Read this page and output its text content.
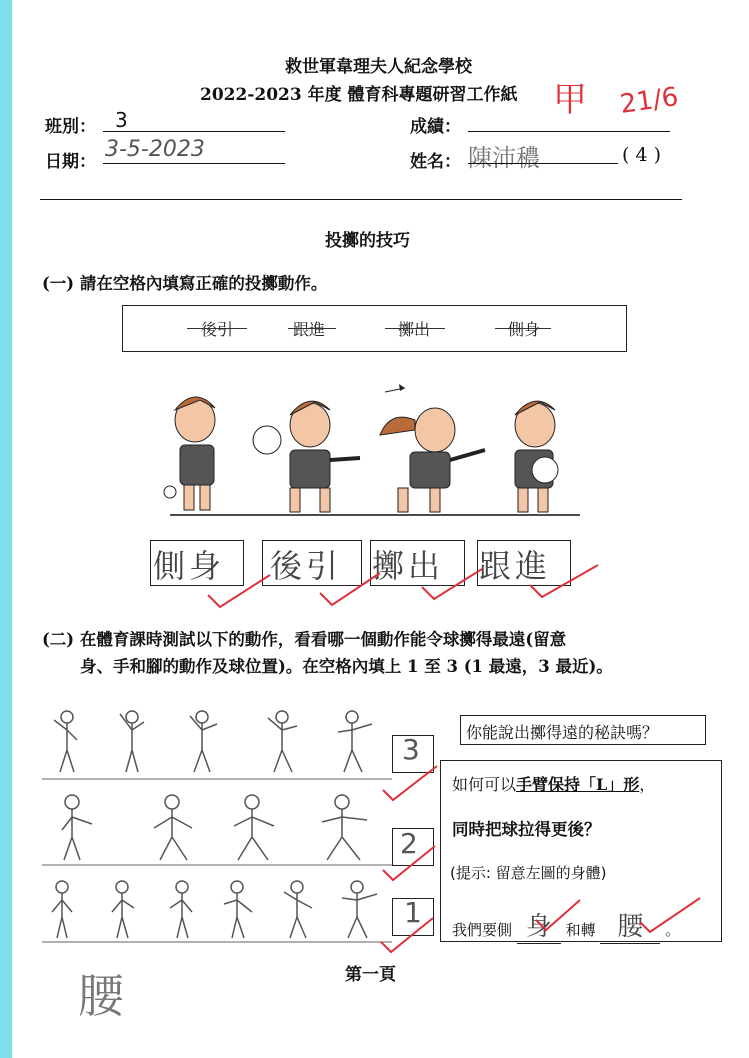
救世軍韋理夫人紀念學校
2022-2023 年度 體育科專題研習工作紙 甲 21/6
班別： 3
日期： 3-5-2023
成績：
姓名： 陳沛穠	( 4 )
投擲的技巧
(一) 請在空格內填寫正確的投擲動作。
後引	跟進	擲出	側身
側身 後引 擲出 跟進
(二) 在體育課時測試以下的動作，看看哪一個動作能令球擲得最遠(留意
身、手和腳的動作及球位置)。在空格內填上 1 至 3 (1 最遠，3 最近)。
3
2
1
你能說出擲得遠的秘訣嗎？
如何可以手臂保持「L」形，
同時把球拉得更後？
(提示: 留意左圖的身體)
我們要側 身 和轉 腰 。
腰	第一頁
